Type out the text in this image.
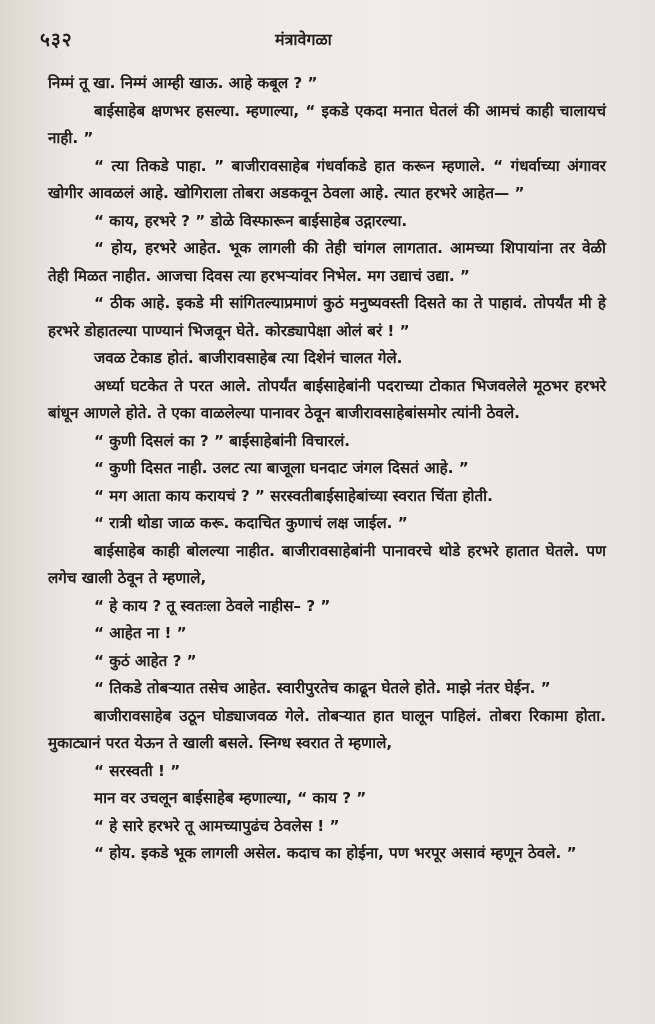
५३२	मंत्रावेगळा

निम्मं तू खा. निम्मं आम्ही खाऊ. आहे कबूल ? ”

बाईसाहेब क्षणभर हसल्या. म्हणाल्या, “ इकडे एकदा मनात घेतलं की आमचं काही चालायचं नाही. ”

“ त्या तिकडे पाहा. ” बाजीरावसाहेब गंधर्वाकडे हात करून म्हणाले. “ गंधर्वाच्या अंगावर खोगीर आवळलं आहे. खोगिराला तोबरा अडकवून ठेवला आहे. त्यात हरभरे आहेत— ”

“ काय, हरभरे ? ” डोळे विस्फारून बाईसाहेब उद्गारल्या.

“ होय, हरभरे आहेत. भूक लागली की तेही चांगल लागतात. आमच्या शिपायांना तर वेळी तेही मिळत नाहीत. आजचा दिवस त्या हरभऱ्यांवर निभेल. मग उद्याचं उद्या. ”

“ ठीक आहे. इकडे मी सांगितल्याप्रमाणं कुठं मनुष्यवस्ती दिसते का ते पाहावं. तोपर्यंत मी हे हरभरे डोहातल्या पाण्यानं भिजवून घेते. कोरड्यापेक्षा ओलं बरं ! ”

जवळ टेकाड होतं. बाजीरावसाहेब त्या दिशेनं चालत गेले.

अर्ध्या घटकेत ते परत आले. तोपर्यंत बाईसाहेबांनी पदराच्या टोकात भिजवलेले मूठभर हरभरे बांधून आणले होते. ते एका वाळलेल्या पानावर ठेवून बाजीरावसाहेबांसमोर त्यांनी ठेवले.

“ कुणी दिसलं का ? ” बाईसाहेबांनी विचारलं.

“ कुणी दिसत नाही. उलट त्या बाजूला घनदाट जंगल दिसतं आहे. ”

“ मग आता काय करायचं ? ” सरस्वतीबाईसाहेबांच्या स्वरात चिंता होती.

“ रात्री थोडा जाळ करू. कदाचित कुणाचं लक्ष जाईल. ”

बाईसाहेब काही बोलल्या नाहीत. बाजीरावसाहेबांनी पानावरचे थोडे हरभरे हातात घेतले. पण लगेच खाली ठेवून ते म्हणाले,

“ हे काय ? तू स्वतःला ठेवले नाहीस– ? ”

“ आहेत ना ! ”

“ कुठं आहेत ? ”

“ तिकडे तोबऱ्यात तसेच आहेत. स्वारीपुरतेच काढून घेतले होते. माझे नंतर घेईन. ”

बाजीरावसाहेब उठून घोड्याजवळ गेले. तोबऱ्यात हात घालून पाहिलं. तोबरा रिकामा होता. मुकाट्यानं परत येऊन ते खाली बसले. स्निग्ध स्वरात ते म्हणाले,

“ सरस्वती ! ”

मान वर उचलून बाईसाहेब म्हणाल्या, “ काय ? ”

“ हे सारे हरभरे तू आमच्यापुढंच ठेवलेस ! ”

“ होय. इकडे भूक लागली असेल. कदाच का होईना, पण भरपूर असावं म्हणून ठेवले. ”
